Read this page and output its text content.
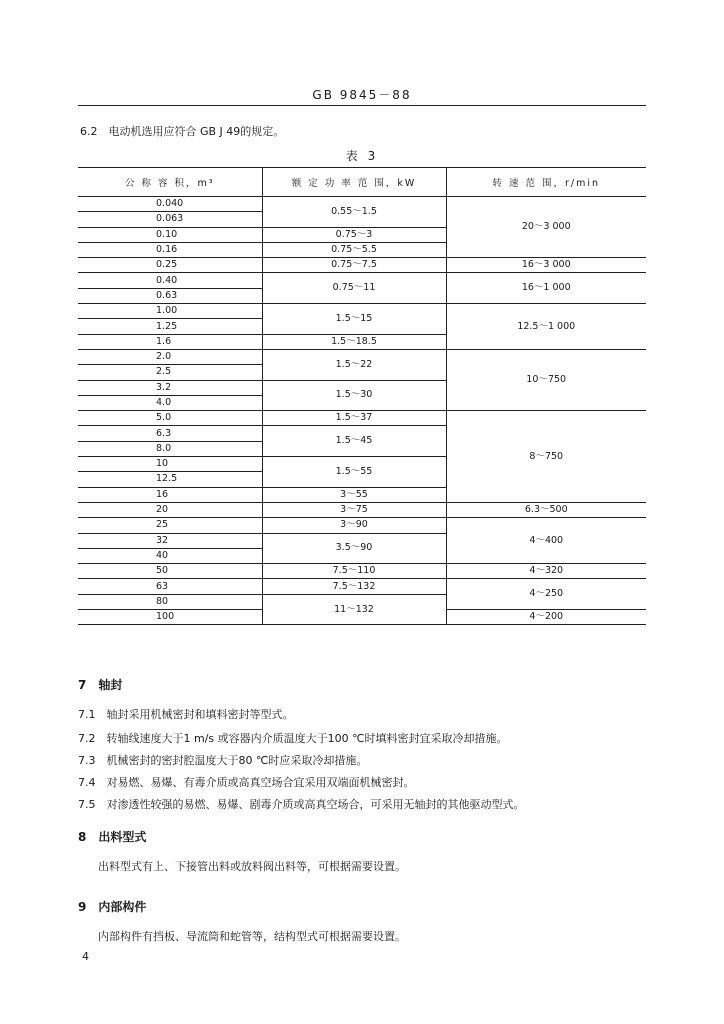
GB 9845－88
6.2　电动机选用应符合 GB J 49的规定。
表 3
公 称 容 积，m³	额 定 功 率 范 围，kW	转 速 范 围，r/min
0.040	0.55～1.5	20～3 000
0.063		
0.10	0.75～3	
0.16	0.75～5.5	
0.25	0.75～7.5	16～3 000
0.40	0.75～11	16～1 000
0.63		
1.00	1.5～15	12.5～1 000
1.25		
1.6	1.5～18.5	
2.0	1.5～22	10～750
2.5		
3.2	1.5～30	
4.0		
5.0	1.5～37	8～750
6.3	1.5～45	
8.0		
10	1.5～55	
12.5		
16	3～55	
20	3～75	6.3～500
25	3～90	4～400
32	3.5～90	
40		
50	7.5～110	4～320
63	7.5～132	4～250
80	11～132	
100		4～200
7　轴封
7.1　轴封采用机械密封和填料密封等型式。
7.2　转轴线速度大于1 m/s 或容器内介质温度大于100 ℃时填料密封宜采取冷却措施。
7.3　机械密封的密封腔温度大于80 ℃时应采取冷却措施。
7.4　对易燃、易爆、有毒介质或高真空场合宜采用双端面机械密封。
7.5　对渗透性较强的易燃、易爆、剧毒介质或高真空场合，可采用无轴封的其他驱动型式。
8　出料型式
出料型式有上、下接管出料或放料阀出料等，可根据需要设置。
9　内部构件
内部构件有挡板、导流筒和蛇管等，结构型式可根据需要设置。
4
